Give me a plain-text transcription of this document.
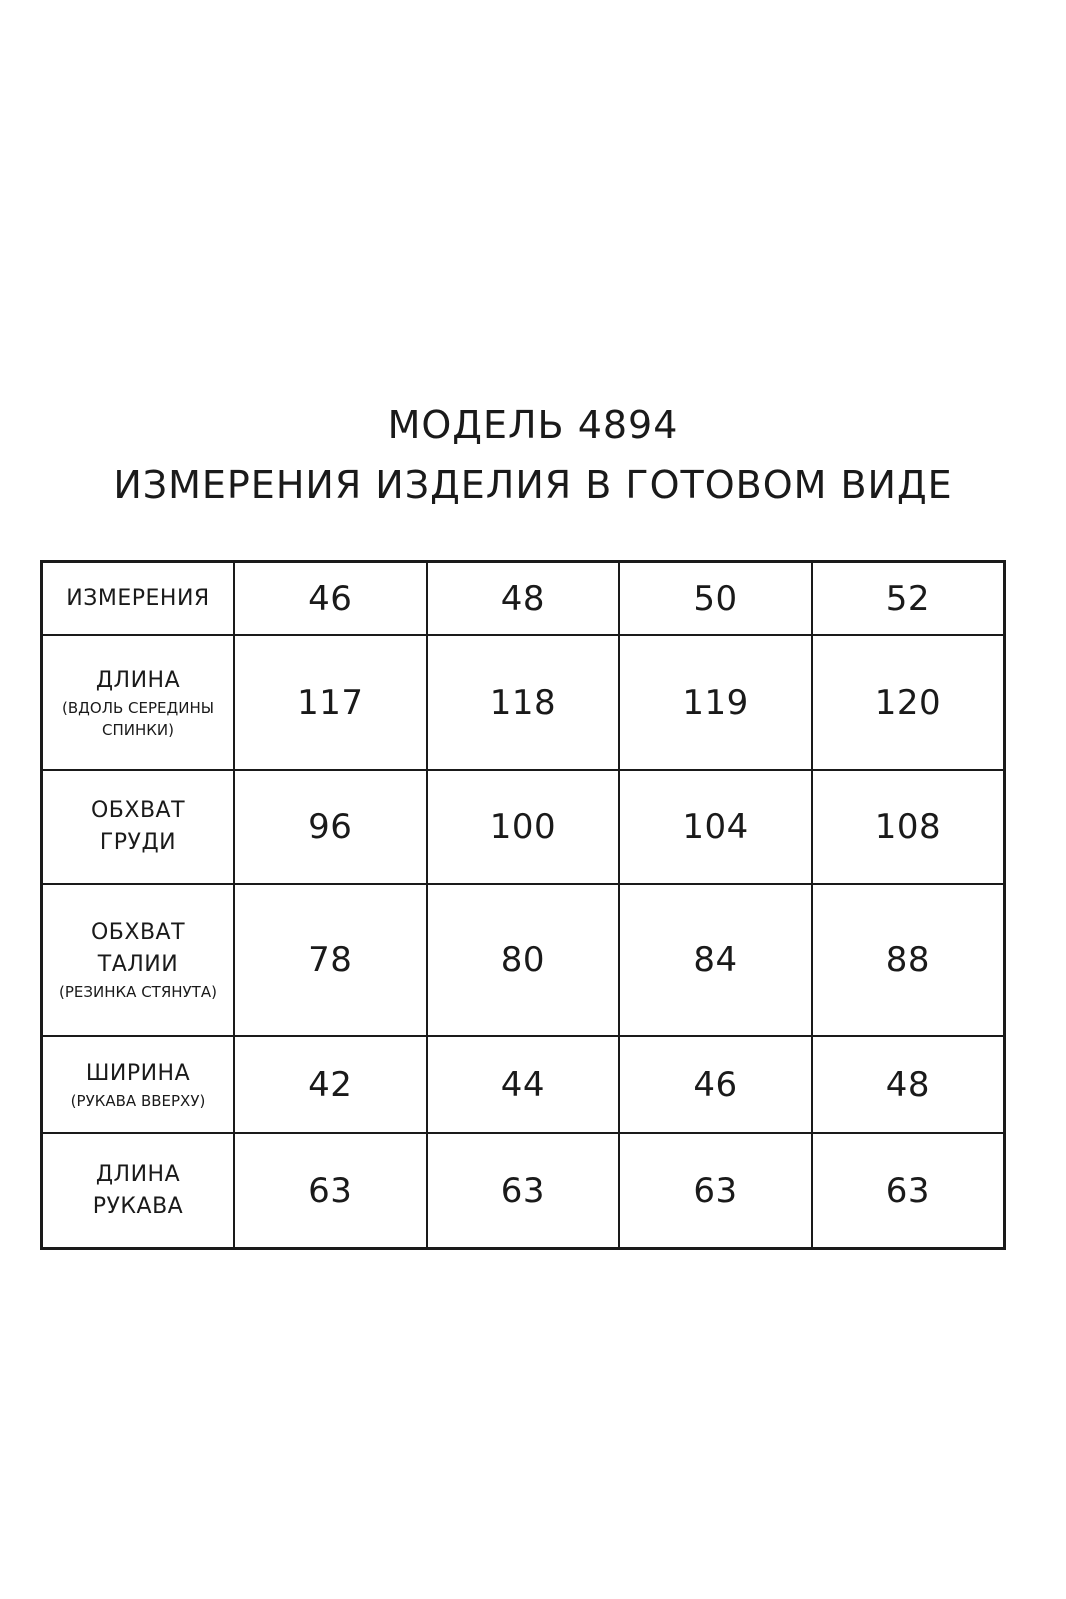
МОДЕЛЬ 4894
ИЗМЕРЕНИЯ ИЗДЕЛИЯ В ГОТОВОМ ВИДЕ
ИЗМЕРЕНИЯ	46	48	50	52

ДЛИНА
(ВДОЛЬ СЕРЕДИНЫ
СПИНКИ)	117	118	119	120

ОБХВАТ
ГРУДИ	96	100	104	108

ОБХВАТ
ТАЛИИ
(РЕЗИНКА СТЯНУТА)	78	80	84	88

ШИРИНА
(РУКАВА ВВЕРХУ)	42	44	46	48

ДЛИНА
РУКАВА	63	63	63	63
